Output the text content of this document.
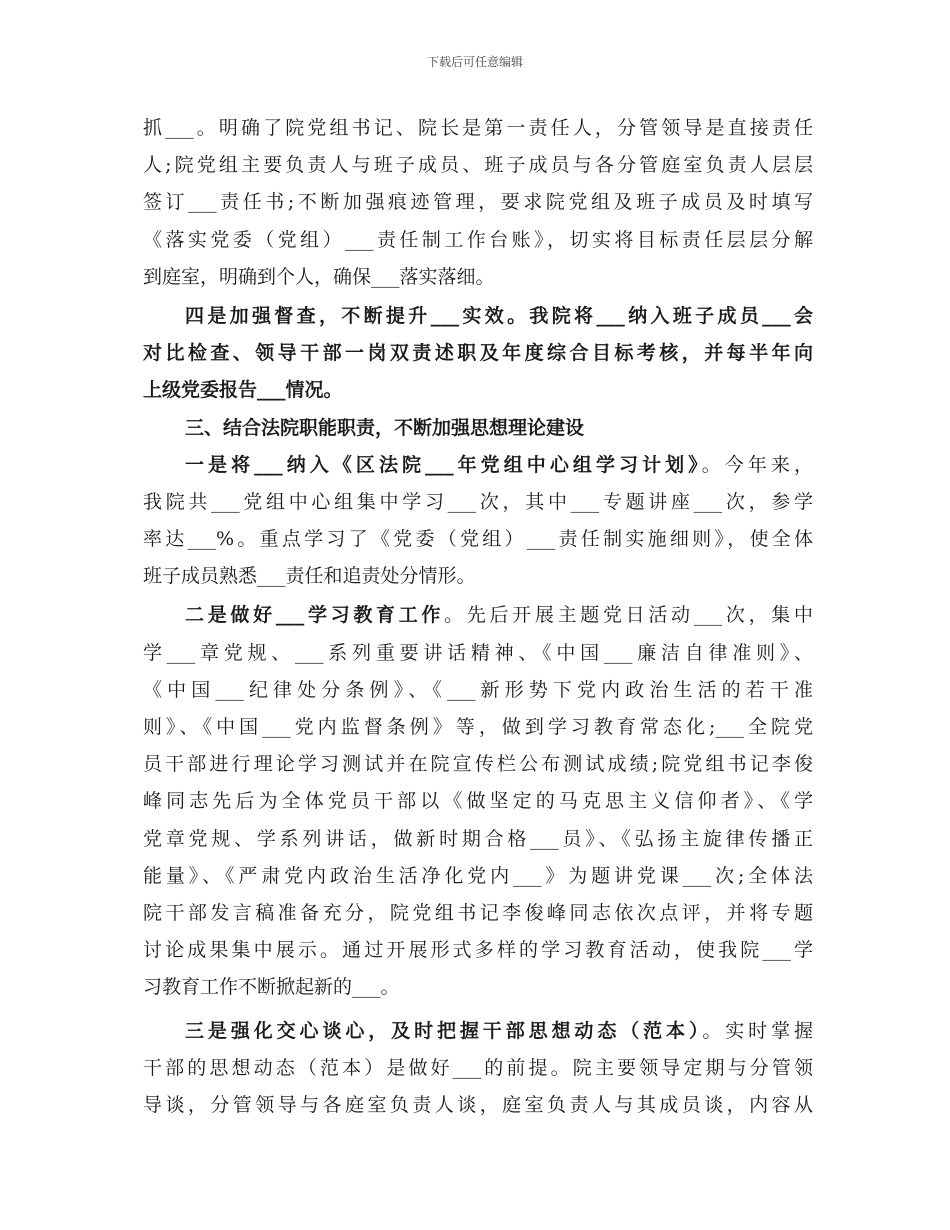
下载后可任意编辑
抓___。明确了院党组书记、院长是第一责任人，分管领导是直接责任
人;院党组主要负责人与班子成员、班子成员与各分管庭室负责人层层
签订___责任书;不断加强痕迹管理，要求院党组及班子成员及时填写
《落实党委（党组）___责任制工作台账》，切实将目标责任层层分解
到庭室，明确到个人，确保___落实落细。
四是加强督查，不断提升___实效。我院将___纳入班子成员___会
对比检查、领导干部一岗双责述职及年度综合目标考核，并每半年向
上级党委报告___情况。
三、结合法院职能职责，不断加强思想理论建设
一是将___纳入《区法院___年党组中心组学习计划》。今年来，
我院共___党组中心组集中学习___次，其中___专题讲座___次，参学
率达___%。重点学习了《党委（党组）___责任制实施细则》，使全体
班子成员熟悉___责任和追责处分情形。
二是做好___学习教育工作。先后开展主题党日活动___次，集中
学___章党规、___系列重要讲话精神、《中国___廉洁自律准则》、
《中国___纪律处分条例》、《___新形势下党内政治生活的若干准
则》、《中国___党内监督条例》等，做到学习教育常态化;___全院党
员干部进行理论学习测试并在院宣传栏公布测试成绩;院党组书记李俊
峰同志先后为全体党员干部以《做坚定的马克思主义信仰者》、《学
党章党规、学系列讲话，做新时期合格___员》、《弘扬主旋律传播正
能量》、《严肃党内政治生活净化党内___》为题讲党课___次;全体法
院干部发言稿准备充分，院党组书记李俊峰同志依次点评，并将专题
讨论成果集中展示。通过开展形式多样的学习教育活动，使我院___学
习教育工作不断掀起新的___。
三是强化交心谈心，及时把握干部思想动态（范本）。实时掌握
干部的思想动态（范本）是做好___的前提。院主要领导定期与分管领
导谈，分管领导与各庭室负责人谈，庭室负责人与其成员谈，内容从
